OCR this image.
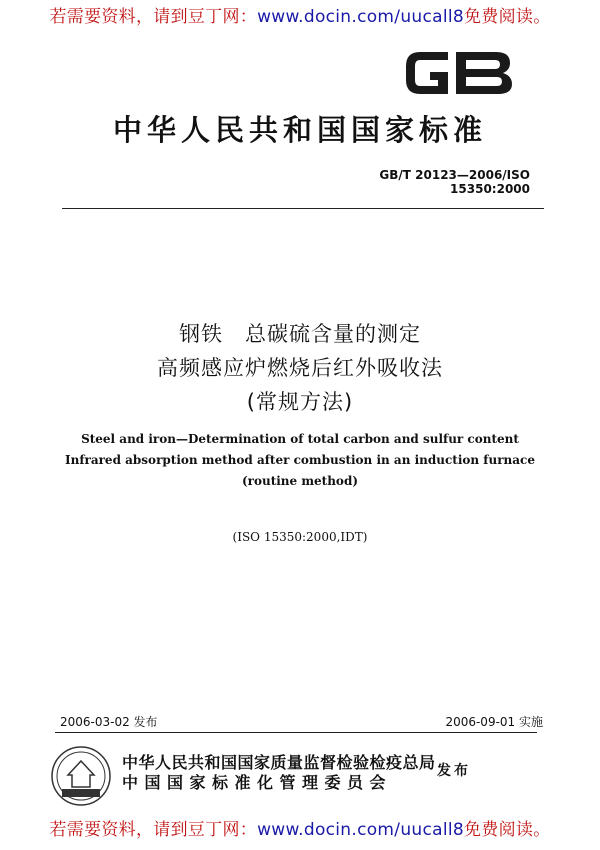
若需要资料，请到豆丁网：www.docin.com/uucall8免费阅读。
中华人民共和国国家标准
GB/T 20123—2006/ISO 15350:2000
钢铁　总碳硫含量的测定
高频感应炉燃烧后红外吸收法
(常规方法)
Steel and iron—Determination of total carbon and sulfur content
Infrared absorption method after combustion in an induction furnace
(routine method)
(ISO 15350:2000,IDT)
2006-03-02 发布	2006-09-01 实施
中华人民共和国国家质量监督检验检疫总局
中国国家标准化管理委员会
发布
若需要资料，请到豆丁网：www.docin.com/uucall8免费阅读。
